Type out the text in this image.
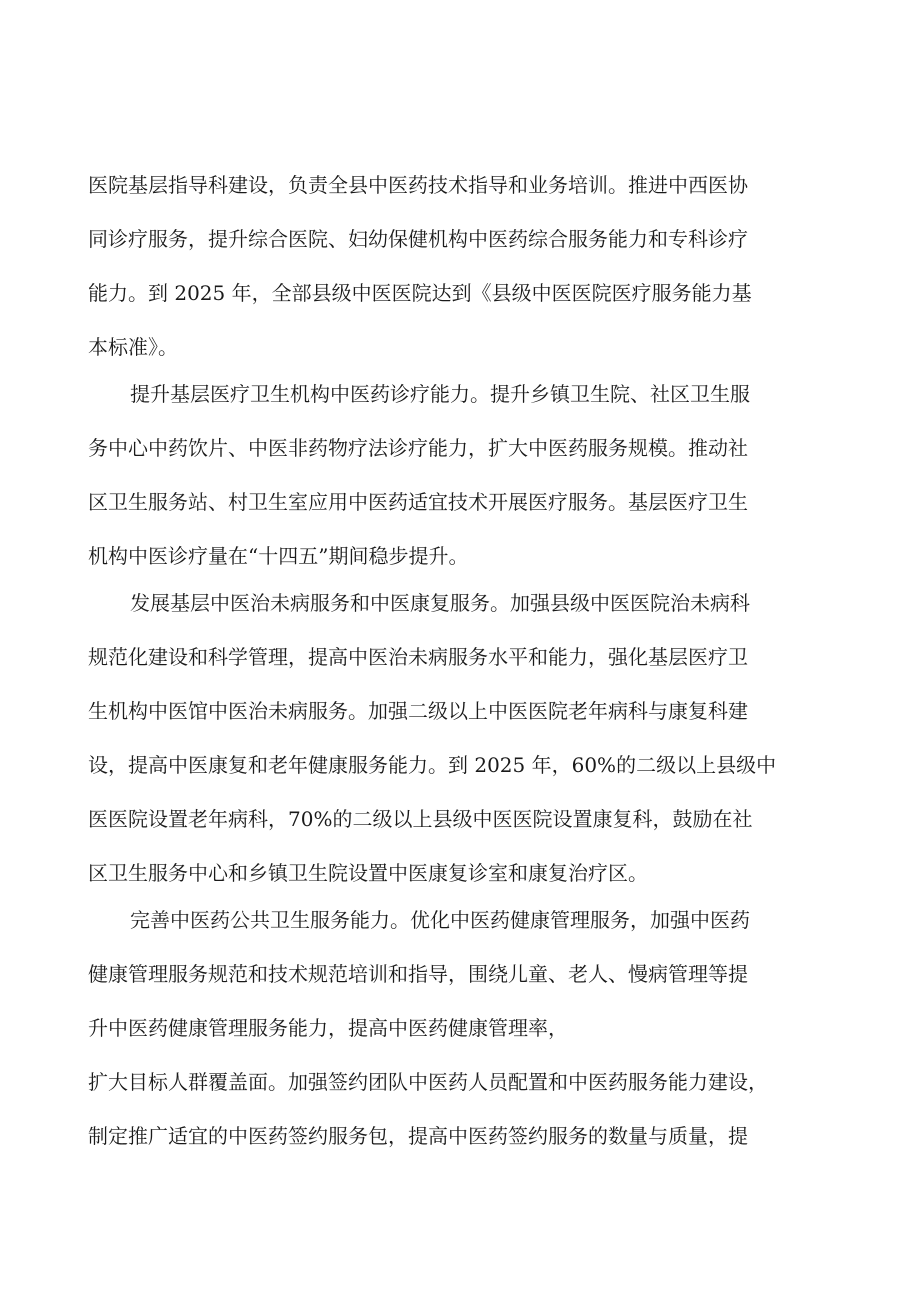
医院基层指导科建设，负责全县中医药技术指导和业务培训。推进中西医协
同诊疗服务，提升综合医院、妇幼保健机构中医药综合服务能力和专科诊疗
能力。到 2025 年，全部县级中医医院达到《县级中医医院医疗服务能力基
本标准》。
提升基层医疗卫生机构中医药诊疗能力。提升乡镇卫生院、社区卫生服
务中心中药饮片、中医非药物疗法诊疗能力，扩大中医药服务规模。推动社
区卫生服务站、村卫生室应用中医药适宜技术开展医疗服务。基层医疗卫生
机构中医诊疗量在“十四五”期间稳步提升。
发展基层中医治未病服务和中医康复服务。加强县级中医医院治未病科
规范化建设和科学管理，提高中医治未病服务水平和能力，强化基层医疗卫
生机构中医馆中医治未病服务。加强二级以上中医医院老年病科与康复科建
设，提高中医康复和老年健康服务能力。到 2025 年，60%的二级以上县级中
医医院设置老年病科，70%的二级以上县级中医医院设置康复科，鼓励在社
区卫生服务中心和乡镇卫生院设置中医康复诊室和康复治疗区。
完善中医药公共卫生服务能力。优化中医药健康管理服务，加强中医药
健康管理服务规范和技术规范培训和指导，围绕儿童、老人、慢病管理等提
升中医药健康管理服务能力，提高中医药健康管理率，
扩大目标人群覆盖面。加强签约团队中医药人员配置和中医药服务能力建设，
制定推广适宜的中医药签约服务包，提高中医药签约服务的数量与质量，提
